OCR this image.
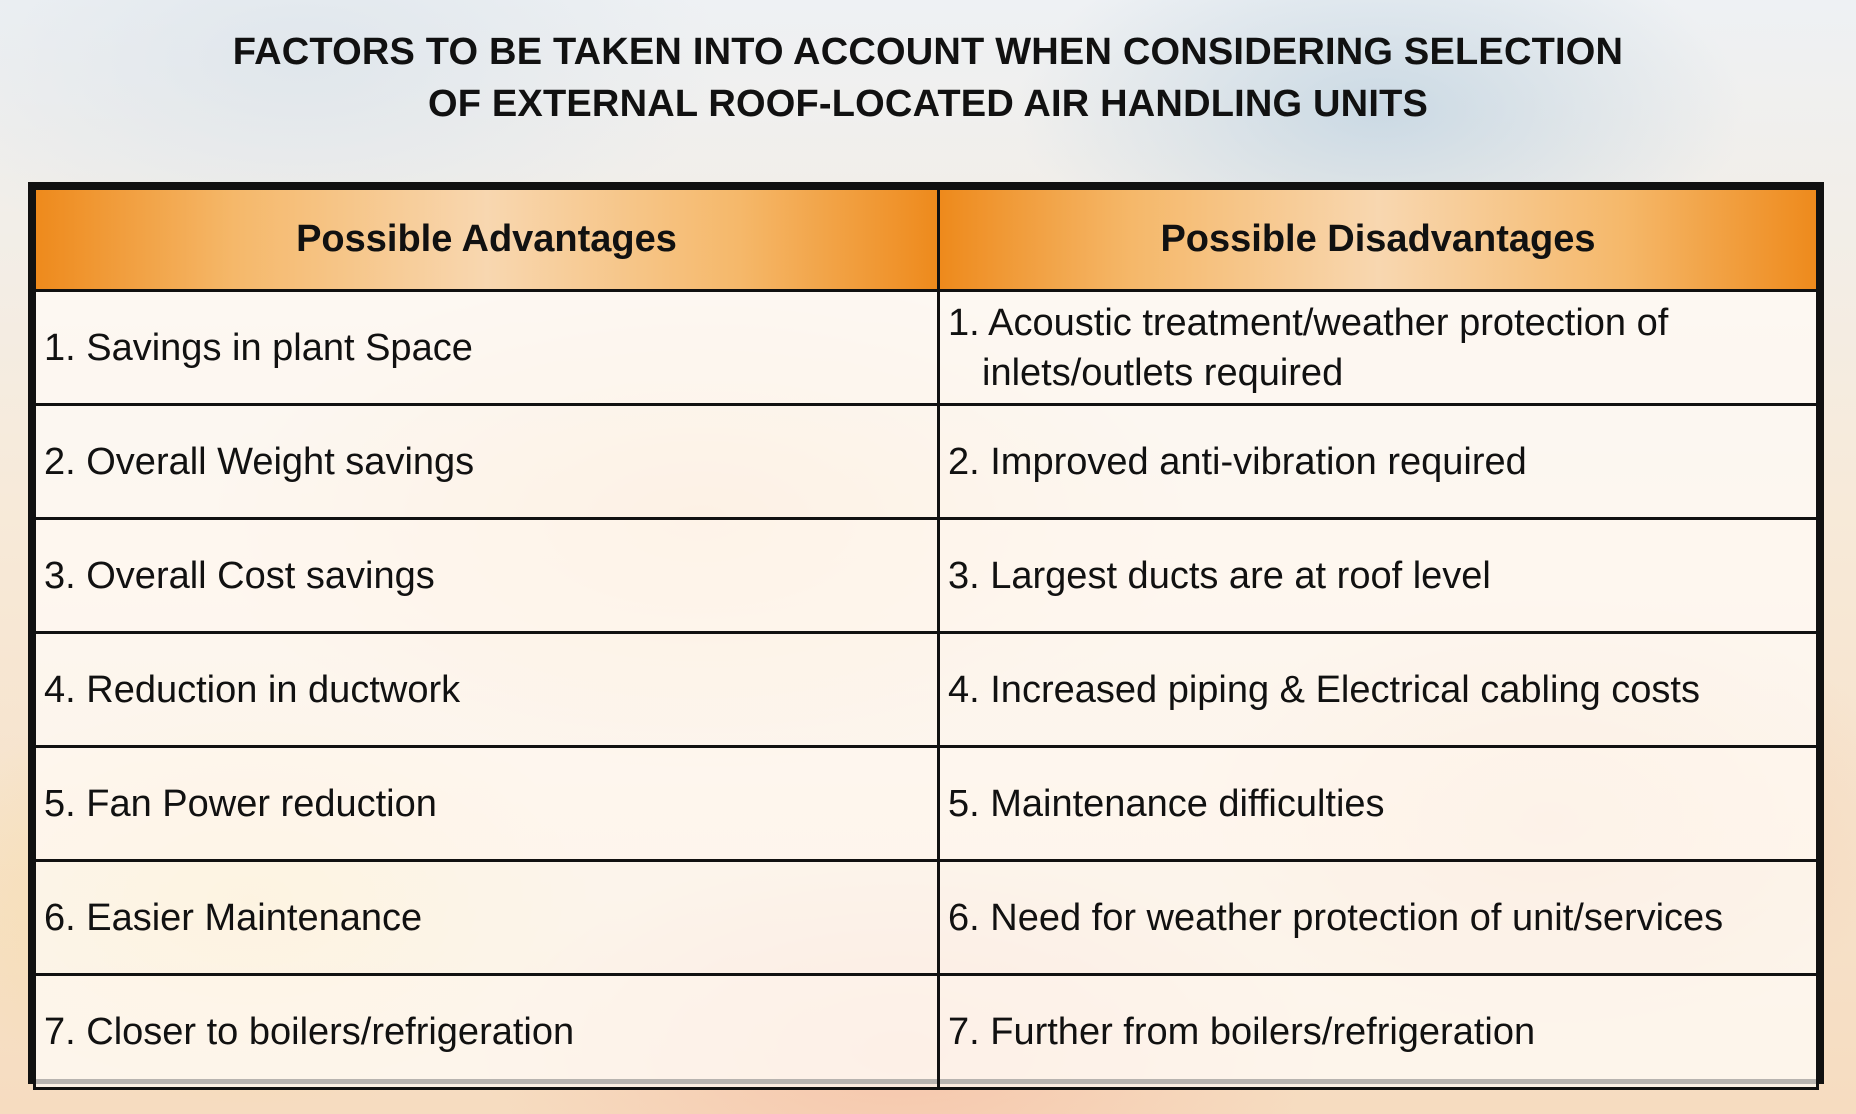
FACTORS TO BE TAKEN INTO ACCOUNT WHEN CONSIDERING SELECTION
OF EXTERNAL ROOF-LOCATED AIR HANDLING UNITS
Possible Advantages	Possible Disadvantages
1. Savings in plant Space	1. Acoustic treatment/weather protection of
inlets/outlets required

2. Overall Weight savings	2. Improved anti-vibration required
3. Overall Cost savings	3. Largest ducts are at roof level
4. Reduction in ductwork	4. Increased piping & Electrical cabling costs
5. Fan Power reduction	5. Maintenance difficulties
6. Easier Maintenance	6. Need for weather protection of unit/services
7. Closer to boilers/refrigeration	7. Further from boilers/refrigeration
